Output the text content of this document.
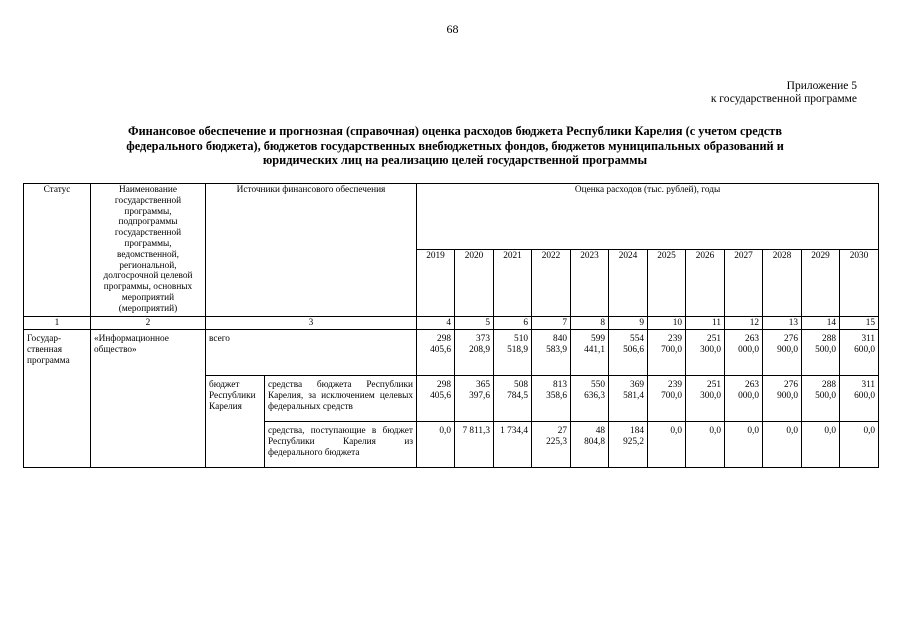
68
Приложение 5
к государственной программе
Финансовое обеспечение и прогнозная (справочная) оценка расходов бюджета Республики Карелия (с учетом средств
федерального бюджета), бюджетов государственных внебюджетных фондов, бюджетов муниципальных образований и
юридических лиц на реализацию целей государственной программы
Статус	Наименование государственной программы, подпрограммы государственной программы, ведомственной, региональной, долгосрочной целевой программы, основных мероприятий (мероприятий)	Источники финансового обеспечения		Оценка расходов (тыс. рублей), годы											
				2019	2020	2021	2022	2023	2024	2025	2026	2027	2028	2029	2030
1	2	3		4	5	6	7	8	9	10	11	12	13	14	15
Государ-ственная программа	«Информационное общество»	всего		298 405,6	373 208,9	510 518,9	840 583,9	599 441,1	554 506,6	239 700,0	251 300,0	263 000,0	276 900,0	288 500,0	311 600,0
		бюджет Республики Карелия	средства бюджета Республики Карелия, за исключением целевых федеральных средств	298 405,6	365 397,6	508 784,5	813 358,6	550 636,3	369 581,4	239 700,0	251 300,0	263 000,0	276 900,0	288 500,0	311 600,0
			средства, поступающие в бюджет Республики Карелия из федерального бюджета	0,0	7 811,3	1 734,4	27 225,3	48 804,8	184 925,2	0,0	0,0	0,0	0,0	0,0	0,0
